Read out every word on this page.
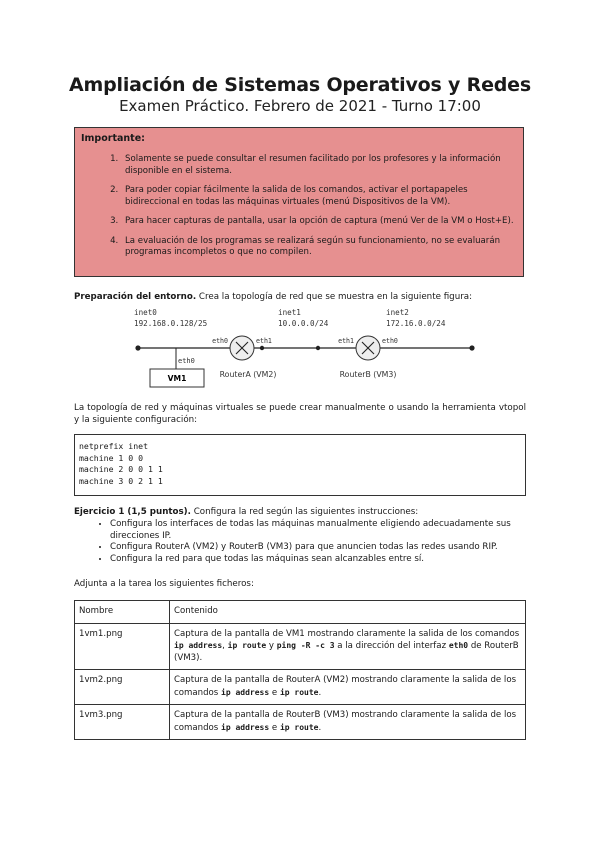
Ampliación de Sistemas Operativos y Redes
Examen Práctico. Febrero de 2021 - Turno 17:00
Importante:
1. Solamente se puede consultar el resumen facilitado por los profesores y la información disponible en el sistema.
2. Para poder copiar fácilmente la salida de los comandos, activar el portapapeles bidireccional en todas las máquinas virtuales (menú Dispositivos de la VM).
3. Para hacer capturas de pantalla, usar la opción de captura (menú Ver de la VM o Host+E).
4. La evaluación de los programas se realizará según su funcionamiento, no se evaluarán programas incompletos o que no compilen.
Preparación del entorno. Crea la topología de red que se muestra en la siguiente figura:
inet0
192.168.0.128/25
inet1
10.0.0.0/24
inet2
172.16.0.0/24
VM1
eth0
eth0	eth1
RouterA (VM2)
eth1	eth0
RouterB (VM3)
La topología de red y máquinas virtuales se puede crear manualmente o usando la herramienta vtopol y la siguiente configuración:
netprefix inet
machine 1 0 0
machine 2 0 0 1 1
machine 3 0 2 1 1
Ejercicio 1 (1,5 puntos). Configura la red según las siguientes instrucciones:
• Configura los interfaces de todas las máquinas manualmente eligiendo adecuadamente sus direcciones IP.
• Configura RouterA (VM2) y RouterB (VM3) para que anuncien todas las redes usando RIP.
• Configura la red para que todas las máquinas sean alcanzables entre sí.
Adjunta a la tarea los siguientes ficheros:
Nombre	Contenido
1vm1.png	Captura de la pantalla de VM1 mostrando claramente la salida de los comandos ip address, ip route y ping -R -c 3 a la dirección del interfaz eth0 de RouterB (VM3).
1vm2.png	Captura de la pantalla de RouterA (VM2) mostrando claramente la salida de los comandos ip address e ip route.
1vm3.png	Captura de la pantalla de RouterB (VM3) mostrando claramente la salida de los comandos ip address e ip route.
